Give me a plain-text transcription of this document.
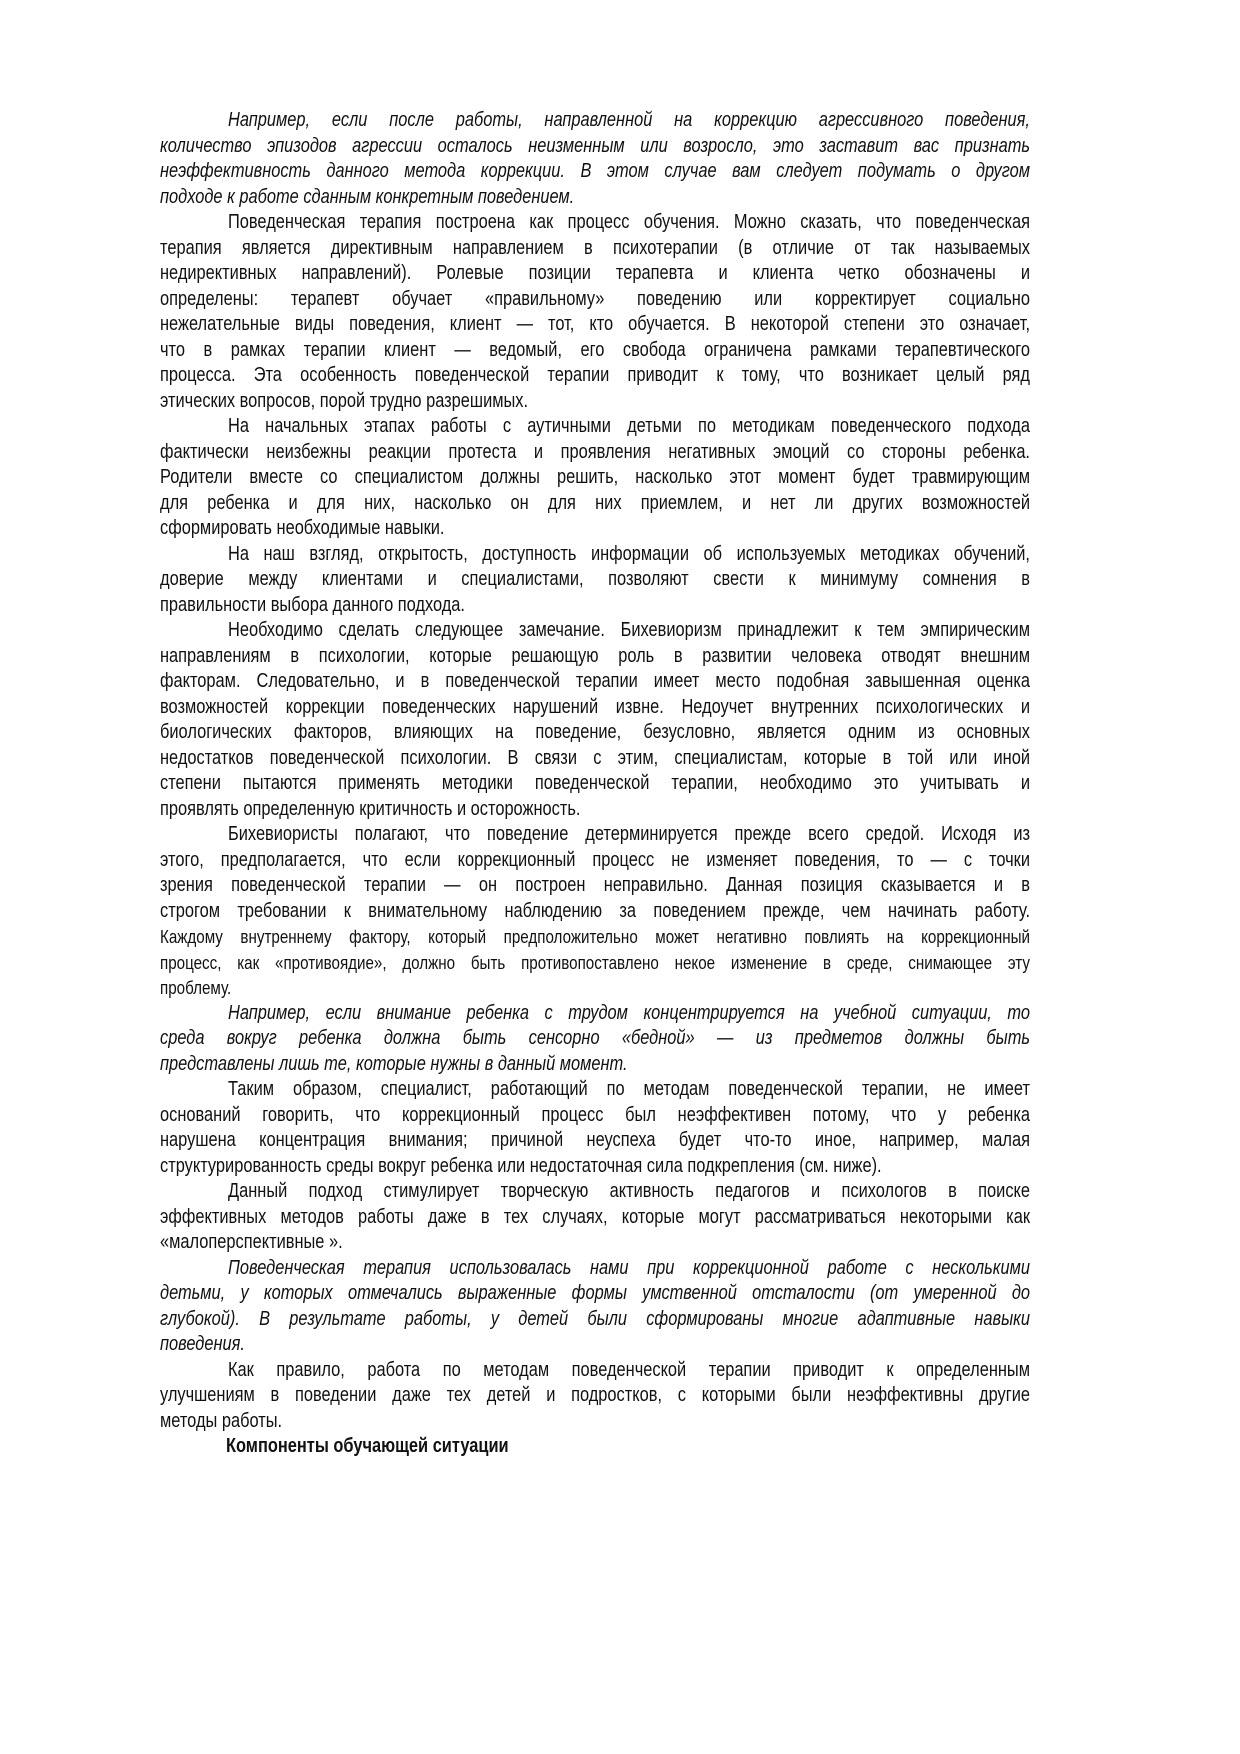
Например, если после работы, направленной на коррекцию агрессивного поведения,
количество эпизодов агрессии осталось неизменным или возросло, это заставит вас признать
неэффективность данного метода коррекции. В этом случае вам следует подумать о другом
подходе к работе сданным конкретным поведением.
Поведенческая терапия построена как процесс обучения. Можно сказать, что поведенческая
терапия является директивным направлением в психотерапии (в отличие от так называемых
недирективных направлений). Ролевые позиции терапевта и клиента четко обозначены и
определены: терапевт обучает «правильному» поведению или корректирует социально
нежелательные виды поведения, клиент — тот, кто обучается. В некоторой степени это означает,
что в рамках терапии клиент — ведомый, его свобода ограничена рамками терапевтического
процесса. Эта особенность поведенческой терапии приводит к тому, что возникает целый ряд
этических вопросов, порой трудно разрешимых.
На начальных этапах работы с аутичными детьми по методикам поведенческого подхода
фактически неизбежны реакции протеста и проявления негативных эмоций со стороны ребенка.
Родители вместе со специалистом должны решить, насколько этот момент будет травмирующим
для ребенка и для них, насколько он для них приемлем, и нет ли других возможностей
сформировать необходимые навыки.
На наш взгляд, открытость, доступность информации об используемых методиках обучений,
доверие между клиентами и специалистами, позволяют свести к минимуму сомнения в
правильности выбора данного подхода.
Необходимо сделать следующее замечание. Бихевиоризм принадлежит к тем эмпирическим
направлениям в психологии, которые решающую роль в развитии человека отводят внешним
факторам. Следовательно, и в поведенческой терапии имеет место подобная завышенная оценка
возможностей коррекции поведенческих нарушений извне. Недоучет внутренних психологических и
биологических факторов, влияющих на поведение, безусловно, является одним из основных
недостатков поведенческой психологии. В связи с этим, специалистам, которые в той или иной
степени пытаются применять методики поведенческой терапии, необходимо это учитывать и
проявлять определенную критичность и осторожность.
Бихевиористы полагают, что поведение детерминируется прежде всего средой. Исходя из
этого, предполагается, что если коррекционный процесс не изменяет поведения, то — с точки
зрения поведенческой терапии — он построен неправильно. Данная позиция сказывается и в
строгом требовании к внимательному наблюдению за поведением прежде, чем начинать работу.
Каждому внутреннему фактору, который предположительно может негативно повлиять на коррекционный
процесс, как «противоядие», должно быть противопоставлено некое изменение в среде, снимающее эту
проблему.
Например, если внимание ребенка с трудом концентрируется на учебной ситуации, то
среда вокруг ребенка должна быть сенсорно «бедной» — из предметов должны быть
представлены лишь те, которые нужны в данный момент.
Таким образом, специалист, работающий по методам поведенческой терапии, не имеет
оснований говорить, что коррекционный процесс был неэффективен потому, что у ребенка
нарушена концентрация внимания; причиной неуспеха будет что-то иное, например, малая
структурированность среды вокруг ребенка или недостаточная сила подкрепления (см. ниже).
Данный подход стимулирует творческую активность педагогов и психологов в поиске
эффективных методов работы даже в тех случаях, которые могут рассматриваться некоторыми как
«малоперспективные ».
Поведенческая терапия использовалась нами при коррекционной работе с несколькими
детьми, у которых отмечались выраженные формы умственной отсталости (от умеренной до
глубокой). В результате работы, у детей были сформированы многие адаптивные навыки
поведения.
Как правило, работа по методам поведенческой терапии приводит к определенным
улучшениям в поведении даже тех детей и подростков, с которыми были неэффективны другие
методы работы.
Компоненты обучающей ситуации
